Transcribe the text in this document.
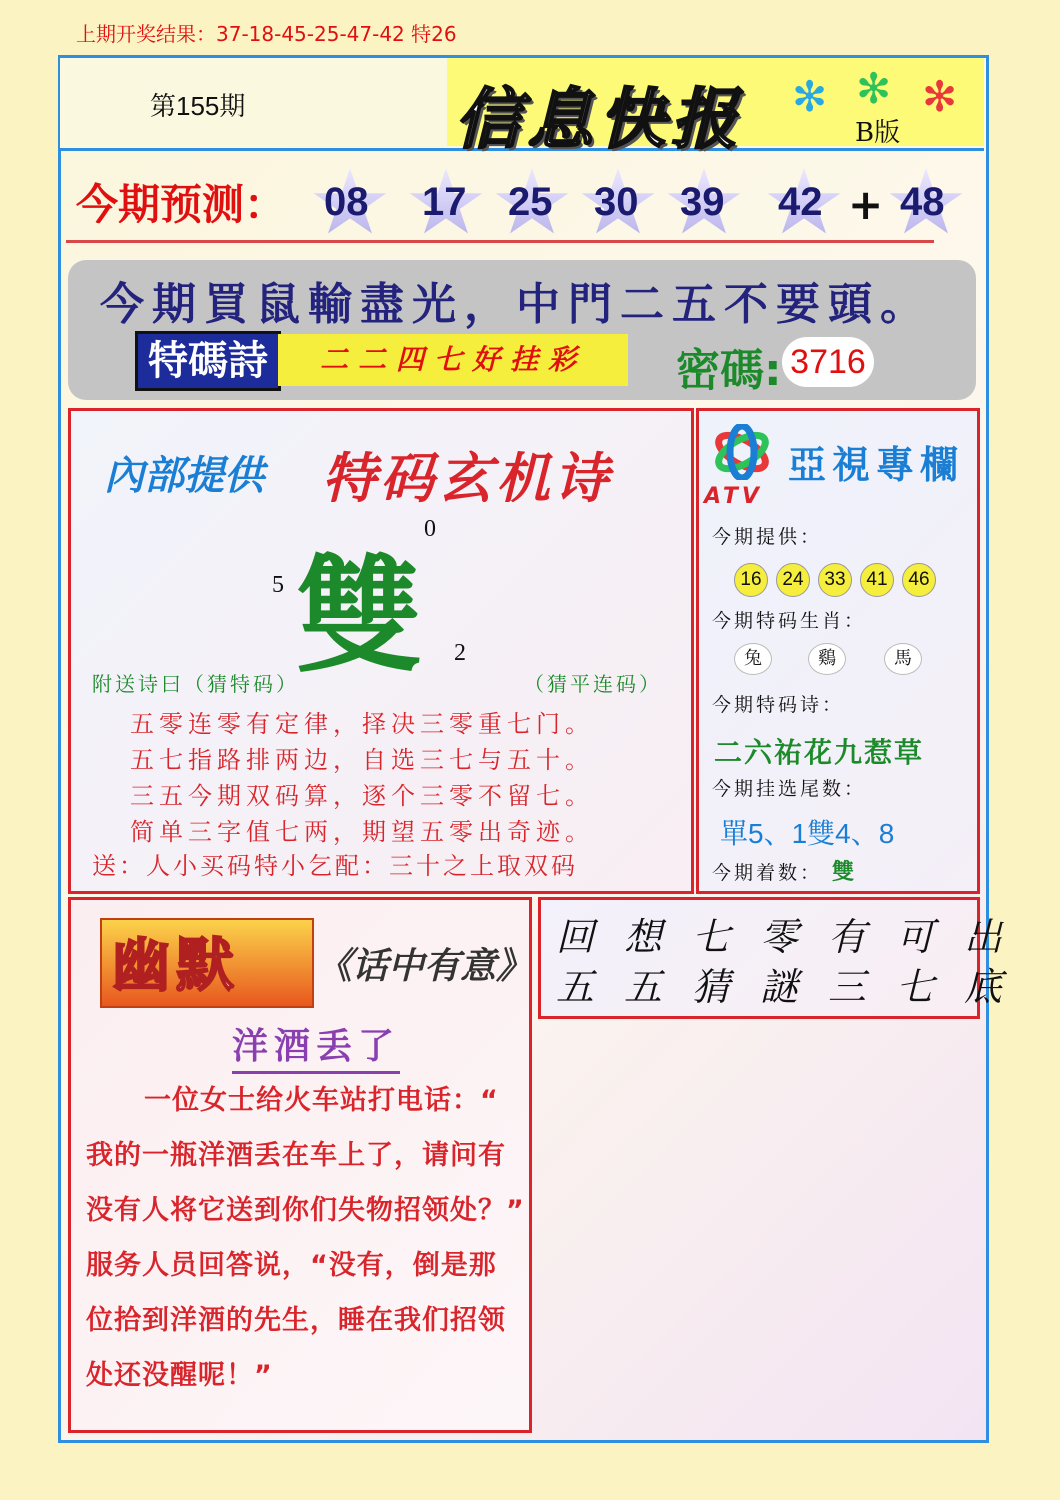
上期开奖结果：37-18-45-25-47-42 特26
第155期	信息快报 ✻ ✻ ✻
B版
今期预测： 08 17 25 30 39 42 + 48
今期買鼠輸盡光，中門二五不要頭。
特碼詩	二二四七好挂彩	密碼: 3716
內部提供 特码玄机诗
雙
0
5
2
附送诗曰（猜特码）	（猜平连码）
五零连零有定律，择决三零重七门。
五七指路排两边，自选三七与五十。
三五今期双码算，逐个三零不留七。
简单三字值七两，期望五零出奇迹。
送：人小买码特小乞配：三十之上取双码
ATV
亞視專欄
今期提供：
16	24	33	41	46
今期特码生肖：
兔	鷄	馬
今期特码诗：
二六祐花九惹草
今期挂选尾数：
單5、1雙4、8
今期着数： 雙
幽默 《话中有意》
洋酒丢了
一位女士给火车站打电话：“
我的一瓶洋酒丢在车上了，请问有
没有人将它送到你们失物招领处？”
服务人员回答说，“没有，倒是那
位拾到洋酒的先生，睡在我们招领
处还没醒呢！”
回想七零有可出
五五猜謎三七底
